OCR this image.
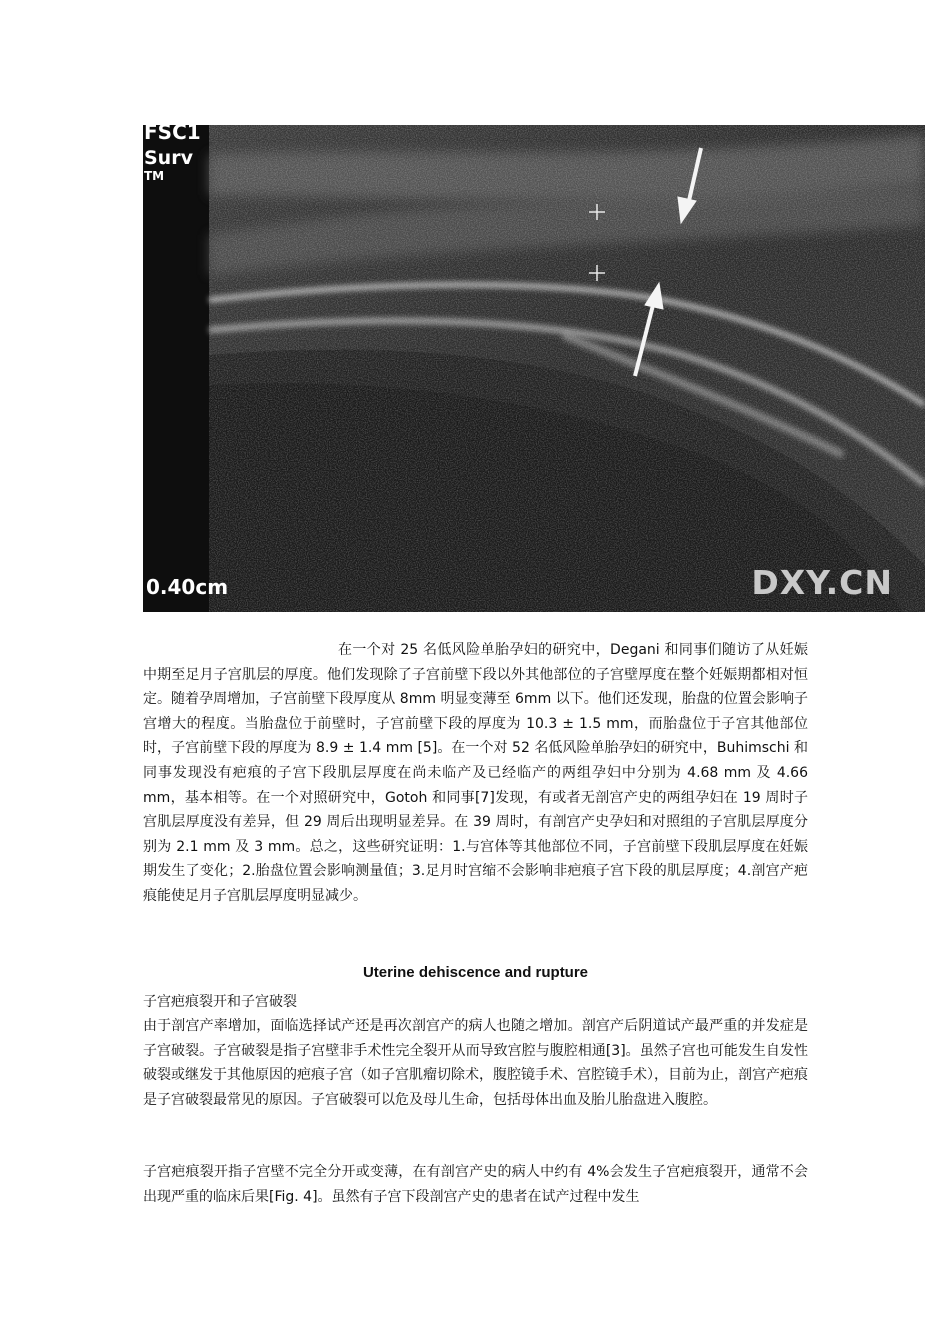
FSC1
Surv
TM
0.40cm	DXY.CN

在一个对 25 名低风险单胎孕妇的研究中，Degani 和同事们随访了从妊娠中期至足月子宫肌层的厚度。他们发现除了子宫前壁下段以外其他部位的子宫壁厚度在整个妊娠期都相对恒定。随着孕周增加，子宫前壁下段厚度从 8mm 明显变薄至 6mm 以下。他们还发现，胎盘的位置会影响子宫增大的程度。当胎盘位于前壁时，子宫前壁下段的厚度为 10.3 ± 1.5 mm，而胎盘位于子宫其他部位时，子宫前壁下段的厚度为 8.9 ± 1.4 mm [5]。在一个对 52 名低风险单胎孕妇的研究中，Buhimschi 和同事发现没有疤痕的子宫下段肌层厚度在尚未临产及已经临产的两组孕妇中分别为 4.68 mm 及 4.66 mm，基本相等。在一个对照研究中，Gotoh 和同事[7]发现，有或者无剖宫产史的两组孕妇在 19 周时子宫肌层厚度没有差异，但 29 周后出现明显差异。在 39 周时，有剖宫产史孕妇和对照组的子宫肌层厚度分别为 2.1 mm 及 3 mm。总之，这些研究证明：1.与宫体等其他部位不同，子宫前壁下段肌层厚度在妊娠期发生了变化；2.胎盘位置会影响测量值；3.足月时宫缩不会影响非疤痕子宫下段的肌层厚度；4.剖宫产疤痕能使足月子宫肌层厚度明显减少。

Uterine dehiscence and rupture

子宫疤痕裂开和子宫破裂

由于剖宫产率增加，面临选择试产还是再次剖宫产的病人也随之增加。剖宫产后阴道试产最严重的并发症是子宫破裂。子宫破裂是指子宫壁非手术性完全裂开从而导致宫腔与腹腔相通[3]。虽然子宫也可能发生自发性破裂或继发于其他原因的疤痕子宫（如子宫肌瘤切除术，腹腔镜手术、宫腔镜手术），目前为止，剖宫产疤痕是子宫破裂最常见的原因。子宫破裂可以危及母儿生命，包括母体出血及胎儿胎盘进入腹腔。

子宫疤痕裂开指子宫壁不完全分开或变薄，在有剖宫产史的病人中约有 4%会发生子宫疤痕裂开，通常不会出现严重的临床后果[Fig. 4]。虽然有子宫下段剖宫产史的患者在试产过程中发生
